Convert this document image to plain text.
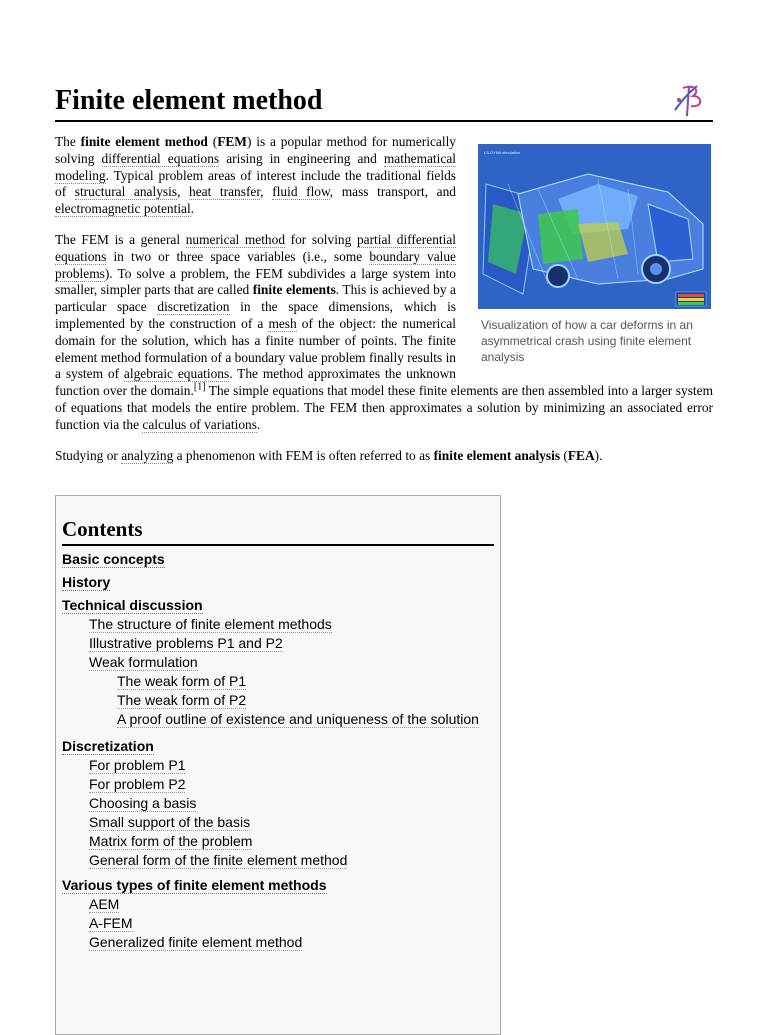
Finite element method
LS-DYNA simulation
Visualization of how a car deforms in an asymmetrical crash using finite element analysis

The finite element method (FEM) is a popular method for numerically solving differential equations arising in engineering and mathematical modeling. Typical problem areas of interest include the traditional fields of structural analysis, heat transfer, fluid flow, mass transport, and electromagnetic potential.

The FEM is a general numerical method for solving partial differential equations in two or three space variables (i.e., some boundary value problems). To solve a problem, the FEM subdivides a large system into smaller, simpler parts that are called finite elements. This is achieved by a particular space discretization in the space dimensions, which is implemented by the construction of a mesh of the object: the numerical domain for the solution, which has a finite number of points. The finite element method formulation of a boundary value problem finally results in a system of algebraic equations. The method approximates the unknown function over the domain.[1] The simple equations that model these finite elements are then assembled into a larger system of equations that models the entire problem. The FEM then approximates a solution by minimizing an associated error function via the calculus of variations.

Studying or analyzing a phenomenon with FEM is often referred to as finite element analysis (FEA).

Contents
Basic concepts
History
Technical discussion
The structure of finite element methods
Illustrative problems P1 and P2
Weak formulation
The weak form of P1
The weak form of P2
A proof outline of existence and uniqueness of the solution
Discretization
For problem P1
For problem P2
Choosing a basis
Small support of the basis
Matrix form of the problem
General form of the finite element method
Various types of finite element methods
AEM
A-FEM
Generalized finite element method
